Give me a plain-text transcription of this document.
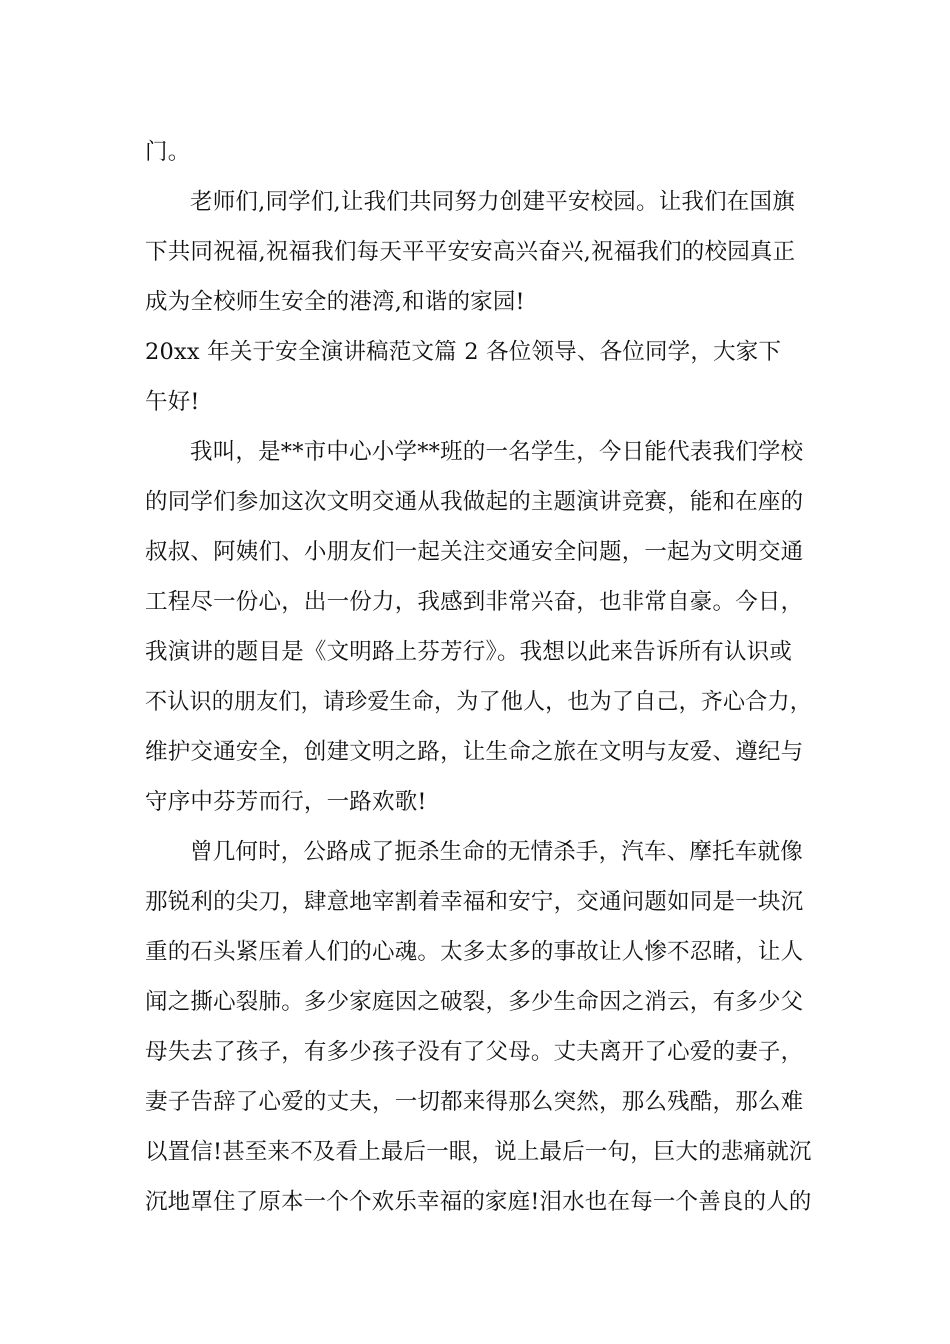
门。
老师们,同学们,让我们共同努力创建平安校园。让我们在国旗
下共同祝福,祝福我们每天平平安安高兴奋兴,祝福我们的校园真正
成为全校师生安全的港湾,和谐的家园!
20xx 年关于安全演讲稿范文篇 2 各位领导、各位同学，大家下
午好!
我叫，是**市中心小学**班的一名学生，今日能代表我们学校
的同学们参加这次文明交通从我做起的主题演讲竞赛，能和在座的
叔叔、阿姨们、小朋友们一起关注交通安全问题，一起为文明交通
工程尽一份心，出一份力，我感到非常兴奋，也非常自豪。今日，
我演讲的题目是《文明路上芬芳行》。我想以此来告诉所有认识或
不认识的朋友们，请珍爱生命，为了他人，也为了自己，齐心合力，
维护交通安全，创建文明之路，让生命之旅在文明与友爱、遵纪与
守序中芬芳而行，一路欢歌!
曾几何时，公路成了扼杀生命的无情杀手，汽车、摩托车就像
那锐利的尖刀，肆意地宰割着幸福和安宁，交通问题如同是一块沉
重的石头紧压着人们的心魂。太多太多的事故让人惨不忍睹，让人
闻之撕心裂肺。多少家庭因之破裂，多少生命因之消云，有多少父
母失去了孩子，有多少孩子没有了父母。丈夫离开了心爱的妻子，
妻子告辞了心爱的丈夫，一切都来得那么突然，那么残酷，那么难
以置信!甚至来不及看上最后一眼，说上最后一句，巨大的悲痛就沉
沉地罩住了原本一个个欢乐幸福的家庭!泪水也在每一个善良的人的
